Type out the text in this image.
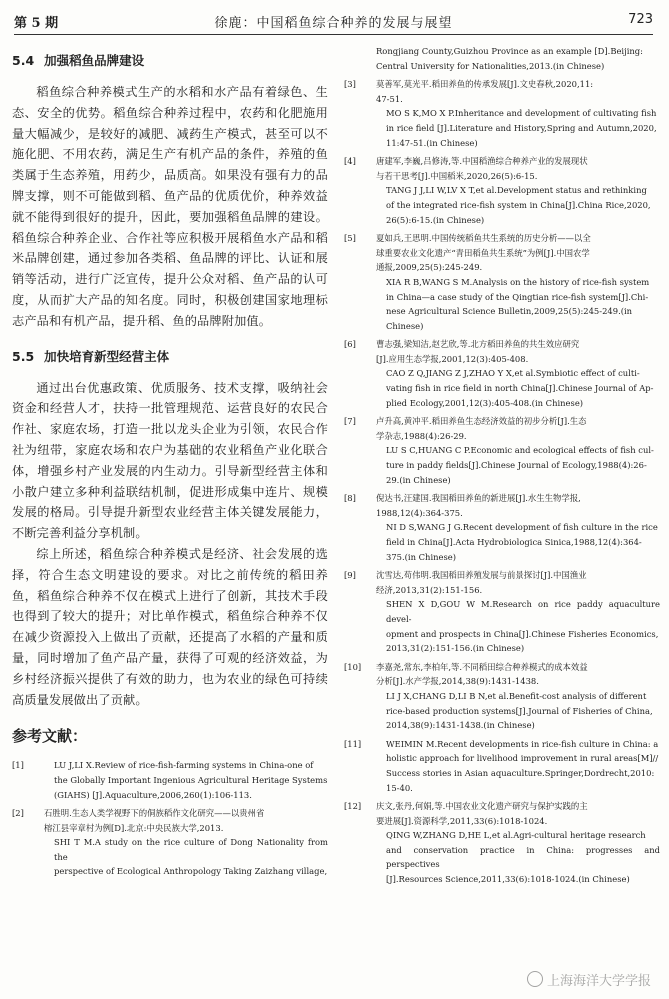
第 5 期	徐鹿：中国稻鱼综合种养的发展与展望	723
5.4 加强稻鱼品牌建设

稻鱼综合种养模式生产的水稻和水产品有着绿色、生态、安全的优势。稻鱼综合种养过程中，农药和化肥施用量大幅减少，是较好的减肥、减药生产模式，甚至可以不施化肥、不用农药，满足生产有机产品的条件，养殖的鱼类属于生态养殖，用药少，品质高。如果没有强有力的品牌支撑，则不可能做到稻、鱼产品的优质优价，种养效益就不能得到很好的提升，因此，要加强稻鱼品牌的建设。稻鱼综合种养企业、合作社等应积极开展稻鱼水产品和稻米品牌创建，通过参加各类稻、鱼品牌的评比、认证和展销等活动，进行广泛宣传，提升公众对稻、鱼产品的认可度，从而扩大产品的知名度。同时，积极创建国家地理标志产品和有机产品，提升稻、鱼的品牌附加值。

5.5 加快培育新型经营主体

通过出台优惠政策、优质服务、技术支撑，吸纳社会资金和经营人才，扶持一批管理规范、运营良好的农民合作社、家庭农场，打造一批以龙头企业为引领，农民合作社为纽带，家庭农场和农户为基础的农业稻鱼产业化联合体，增强乡村产业发展的内生动力。引导新型经营主体和小散户建立多种利益联结机制，促进形成集中连片、规模发展的格局。引导提升新型农业经营主体关键发展能力，不断完善利益分享机制。

综上所述，稻鱼综合种养模式是经济、社会发展的选择，符合生态文明建设的要求。对比之前传统的稻田养鱼，稻鱼综合种养不仅在模式上进行了创新，其技术手段也得到了较大的提升；对比单作模式，稻鱼综合种养不仅在减少资源投入上做出了贡献，还提高了水稻的产量和质量，同时增加了鱼产品产量，获得了可观的经济效益，为乡村经济振兴提供了有效的助力，也为农业的绿色可持续高质量发展做出了贡献。

参考文献：
[1]	LU J,LI X.Review of rice-fish-farming systems in China-one of
the Globally Important Ingenious Agricultural Heritage Systems
(GIAHS) [J].Aquaculture,2006,260(1):106-113.
[2] 石胜明.生态人类学视野下的侗族稻作文化研究——以贵州省
榕江县宰章村为例[D].北京:中央民族大学,2013.
SHI T M.A study on the rice culture of Dong Nationality from the
perspective of Ecological Anthropology Taking Zaizhang village,
Rongjiang County,Guizhou Province as an example [D].Beijing:
Central University for Nationalities,2013.(in Chinese)
[3] 莫善军,莫光平.稻田养鱼的传承发展[J].文史春秋,2020,11:
47-51.
MO S K,MO X P.Inheritance and development of cultivating fish
in rice field [J].Literature and History,Spring and Autumn,2020,
11:47-51.(in Chinese)
[4] 唐建军,李巍,吕修涛,等.中国稻渔综合种养产业的发展现状
与若干思考[J].中国稻米,2020,26(5):6-15.
TANG J J,LI W,LV X T,et al.Development status and rethinking
of the integrated rice-fish system in China[J].China Rice,2020,
26(5):6-15.(in Chinese)
[5] 夏如兵,王思明.中国传统稻鱼共生系统的历史分析——以全
球重要农业文化遗产“青田稻鱼共生系统”为例[J].中国农学
通报,2009,25(5):245-249.
XIA R B,WANG S M.Analysis on the history of rice-fish system
in China—a case study of the Qingtian rice-fish system[J].Chi-
nese Agricultural Science Bulletin,2009,25(5):245-249.(in
Chinese)
[6] 曹志强,梁知洁,赵艺欣,等.北方稻田养鱼的共生效应研究
[J].应用生态学报,2001,12(3):405-408.
CAO Z Q,JIANG Z J,ZHAO Y X,et al.Symbiotic effect of culti-
vating fish in rice field in north China[J].Chinese Journal of Ap-
plied Ecology,2001,12(3):405-408.(in Chinese)
[7] 卢升高,黄冲平.稻田养鱼生态经济效益的初步分析[J].生态
学杂志,1988(4):26-29.
LU S C,HUANG C P.Economic and ecological effects of fish cul-
ture in paddy fields[J].Chinese Journal of Ecology,1988(4):26-
29.(in Chinese)
[8] 倪达书,汪建国.我国稻田养鱼的新进展[J].水生生物学报,
1988,12(4):364-375.
NI D S,WANG J G.Recent development of fish culture in the rice
field in China[J].Acta Hydrobiologica Sinica,1988,12(4):364-
375.(in Chinese)
[9] 沈雪达,苟伟明.我国稻田养殖发展与前景探讨[J].中国渔业
经济,2013,31(2):151-156.
SHEN X D,GOU W M.Research on rice paddy aquaculture devel-
opment and prospects in China[J].Chinese Fisheries Economics,
2013,31(2):151-156.(in Chinese)
[10] 李嘉尧,常东,李柏年,等.不同稻田综合种养模式的成本效益
分析[J].水产学报,2014,38(9):1431-1438.
LI J X,CHANG D,LI B N,et al.Benefit-cost analysis of different
rice-based production systems[J].Journal of Fisheries of China,
2014,38(9):1431-1438.(in Chinese)
[11]	WEIMIN M.Recent developments in rice-fish culture in China: a
holistic approach for livelihood improvement in rural areas[M]//
Success stories in Asian aquaculture.Springer,Dordrecht,2010:
15-40.
[12] 庆文,张丹,何娟,等.中国农业文化遗产研究与保护实践的主
要进展[J].资源科学,2011,33(6):1018-1024.
QING W,ZHANG D,HE L,et al.Agri-cultural heritage research
and conservation practice in China: progresses and perspectives
[J].Resources Science,2011,33(6):1018-1024.(in Chinese)
上海海洋大学学报
